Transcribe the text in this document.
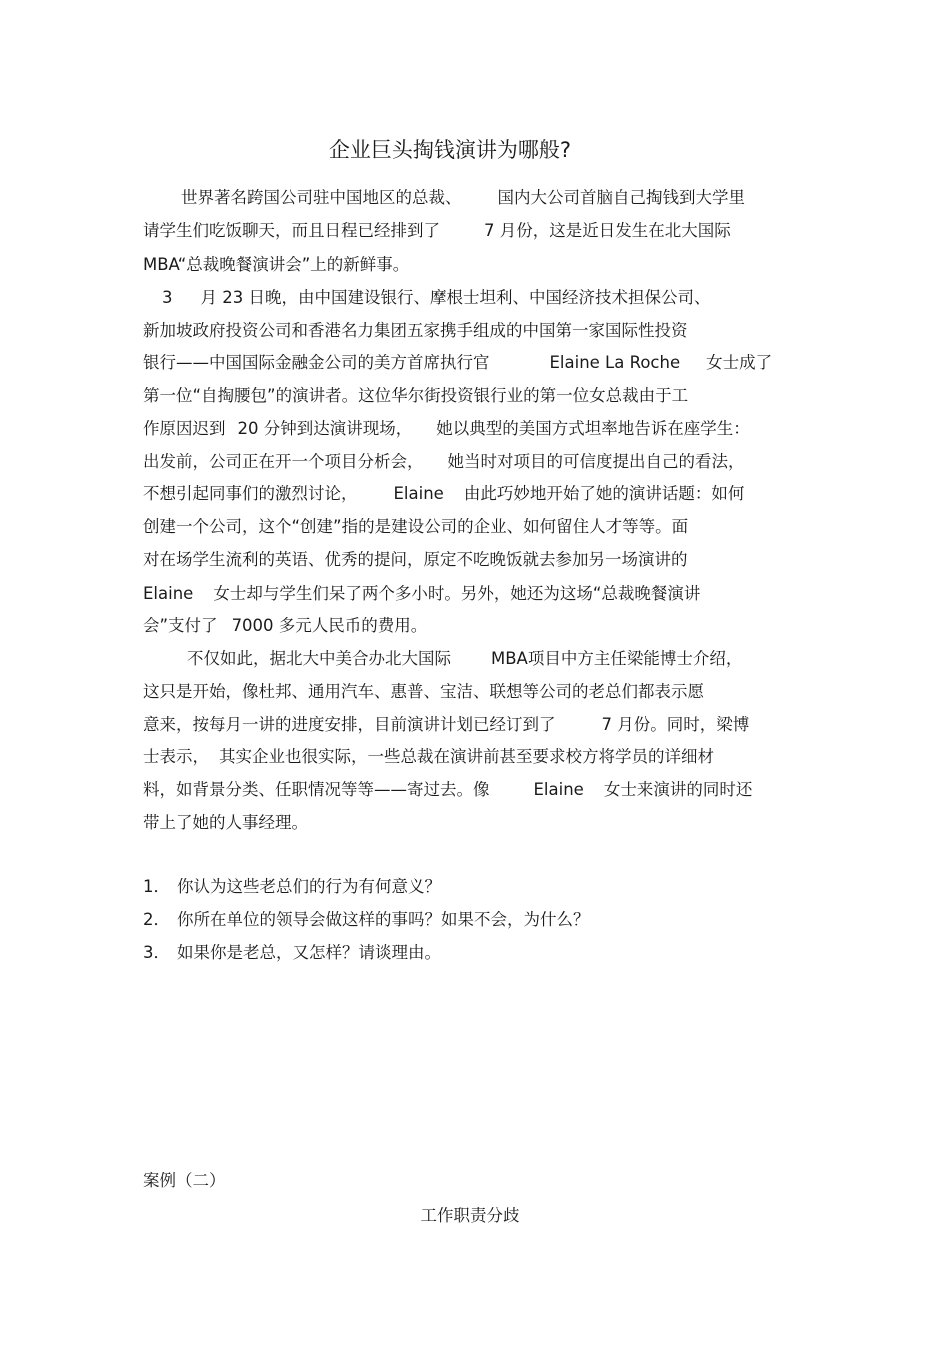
企业巨头掏钱演讲为哪般?
世界著名跨国公司驻中国地区的总裁、 国内大公司首脑自己掏钱到大学里
请学生们吃饭聊天，而且日程已经排到了	7 月份，这是近日发生在北大国际
MBA“总裁晚餐演讲会”上的新鲜事。
3 月 23 日晚，由中国建设银行、摩根士坦利、中国经济技术担保公司、
新加坡政府投资公司和香港名力集团五家携手组成的中国第一家国际性投资
银行——中国国际金融金公司的美方首席执行官	Elaine La Roche 女士成了
第一位“自掏腰包”的演讲者。这位华尔街投资银行业的第一位女总裁由于工
作原因迟到 20 分钟到达演讲现场， 她以典型的美国方式坦率地告诉在座学生：
出发前，公司正在开一个项目分析会， 她当时对项目的可信度提出自己的看法，
不想引起同事们的激烈讨论， Elaine 由此巧妙地开始了她的演讲话题：如何
创建一个公司，这个“创建”指的是建设公司的企业、如何留住人才等等。面
对在场学生流利的英语、优秀的提问，原定不吃晚饭就去参加另一场演讲的
Elaine 女士却与学生们呆了两个多小时。另外，她还为这场“总裁晚餐演讲
会”支付了 7000 多元人民币的费用。
不仅如此，据北大中美合办北大国际 MBA项目中方主任梁能博士介绍，
这只是开始，像杜邦、通用汽车、惠普、宝洁、联想等公司的老总们都表示愿
意来，按每月一讲的进度安排，目前演讲计划已经订到了	7 月份。同时，梁博
士表示， 其实企业也很实际，一些总裁在演讲前甚至要求校方将学员的详细材
料，如背景分类、任职情况等等——寄过去。像	Elaine 女士来演讲的同时还
带上了她的人事经理。
1． 你认为这些老总们的行为有何意义？
2． 你所在单位的领导会做这样的事吗？如果不会，为什么？
3． 如果你是老总，又怎样？请谈理由。
案例（二）
工作职责分歧
